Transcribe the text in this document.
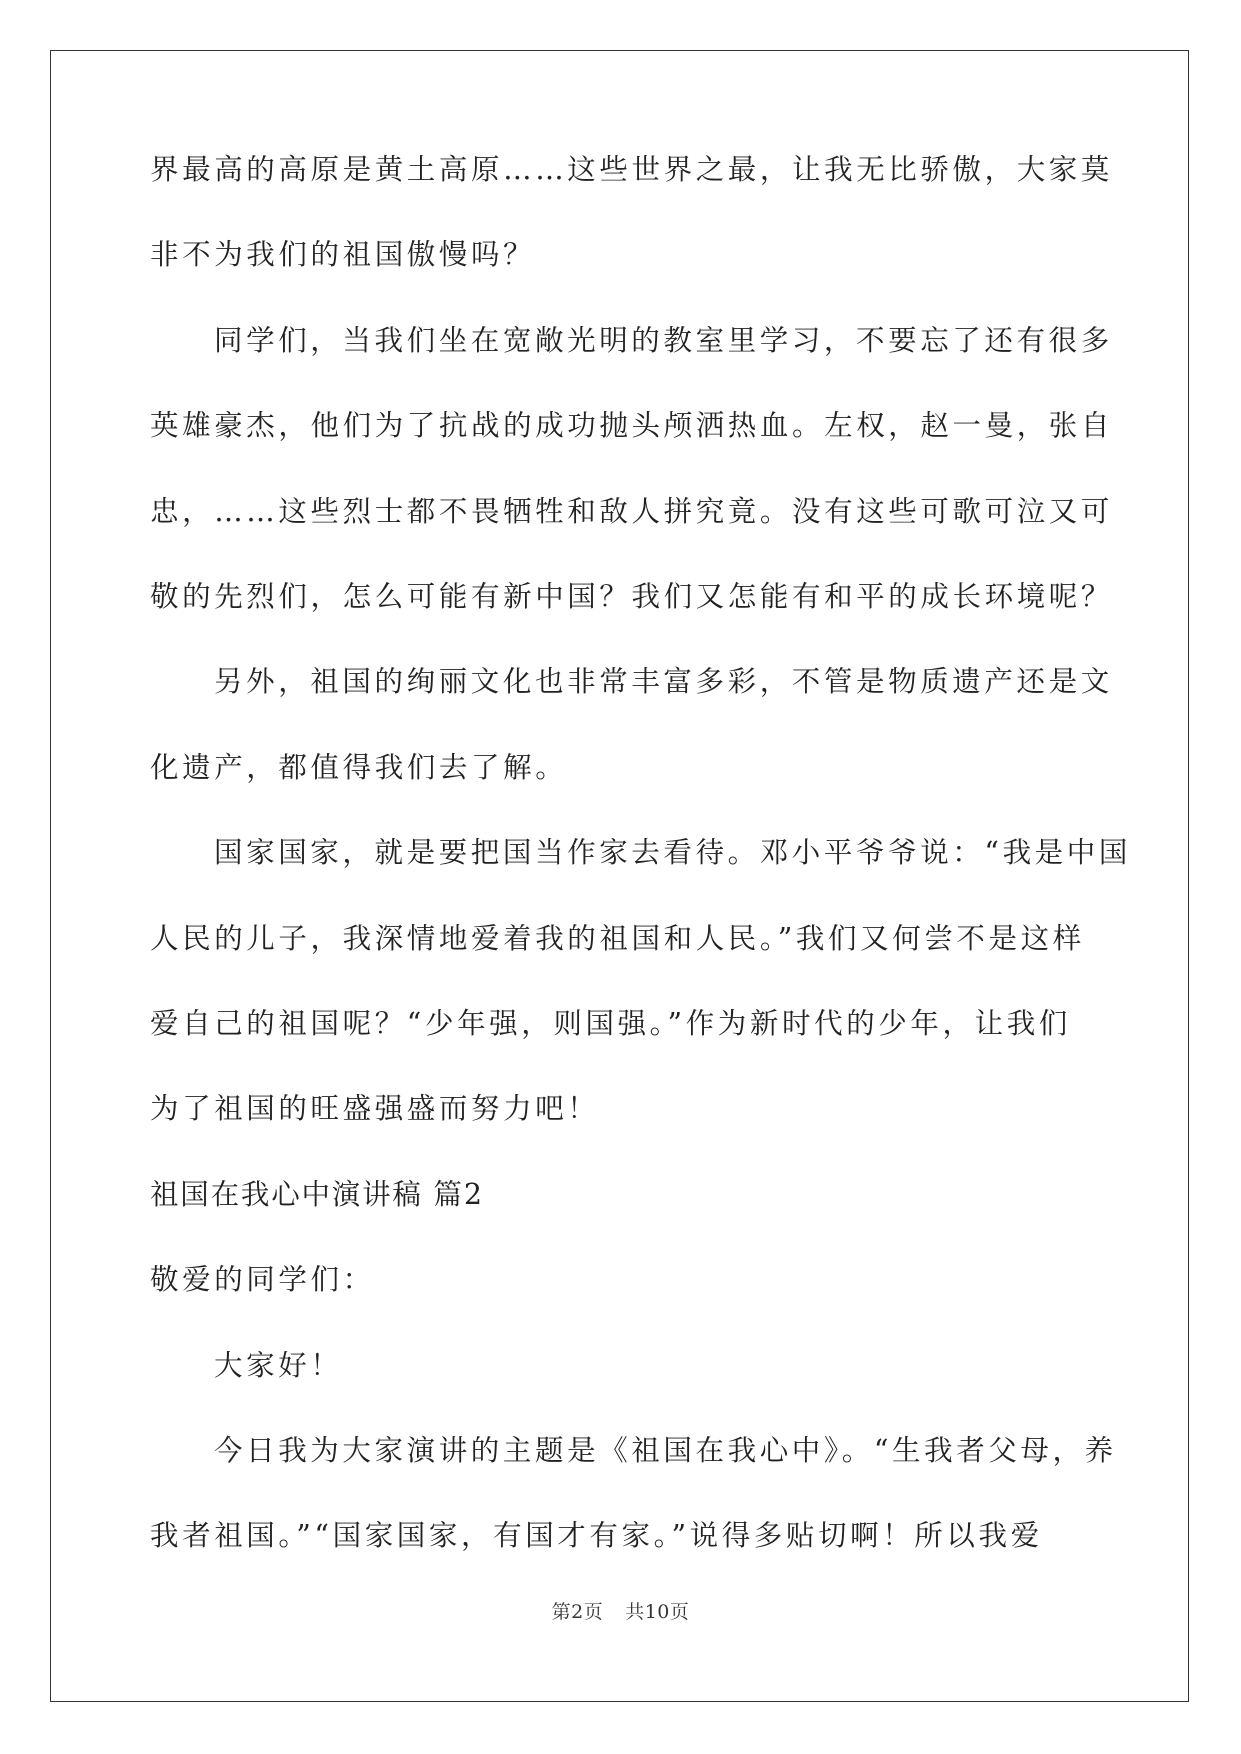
界最高的高原是黄土高原……这些世界之最，让我无比骄傲，大家莫
非不为我们的祖国傲慢吗？
同学们，当我们坐在宽敞光明的教室里学习，不要忘了还有很多
英雄豪杰，他们为了抗战的成功抛头颅洒热血。左权，赵一曼，张自
忠，……这些烈士都不畏牺牲和敌人拼究竟。没有这些可歌可泣又可
敬的先烈们，怎么可能有新中国？我们又怎能有和平的成长环境呢？
另外，祖国的绚丽文化也非常丰富多彩，不管是物质遗产还是文
化遗产，都值得我们去了解。
国家国家，就是要把国当作家去看待。邓小平爷爷说：“我是中国
人民的儿子，我深情地爱着我的祖国和人民。”我们又何尝不是这样
爱自己的祖国呢？“少年强，则国强。”作为新时代的少年，让我们
为了祖国的旺盛强盛而努力吧！
祖国在我心中演讲稿 篇2
敬爱的同学们：
大家好！
今日我为大家演讲的主题是《祖国在我心中》。“生我者父母，养
我者祖国。”“国家国家，有国才有家。”说得多贴切啊！所以我爱
第2页 共10页
